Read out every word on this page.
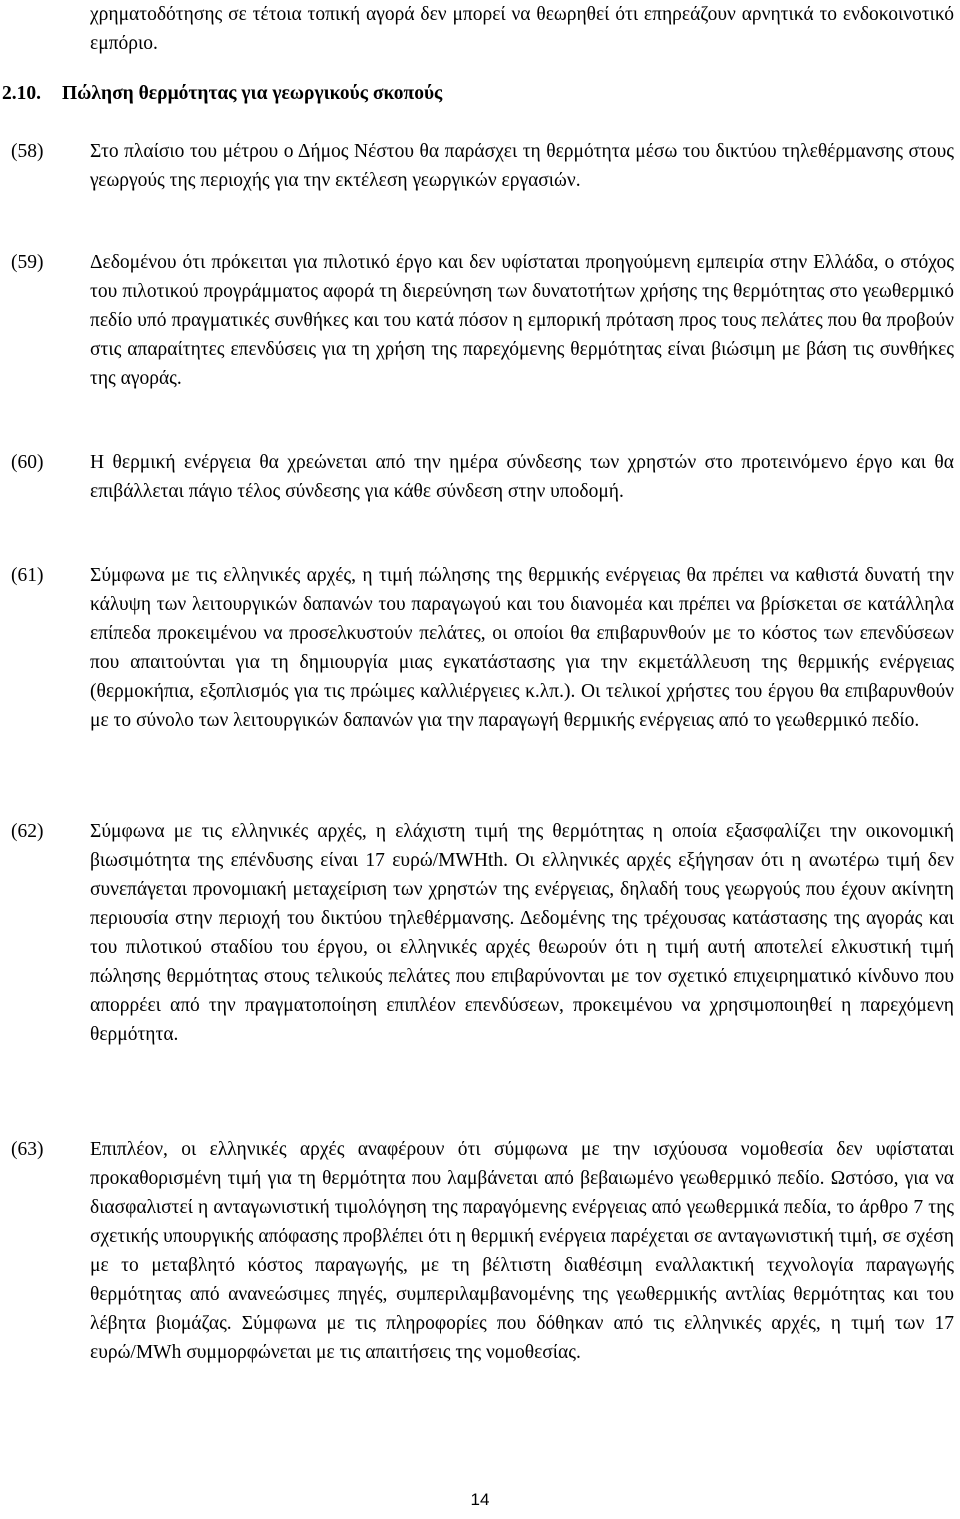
χρηματοδότησης σε τέτοια τοπική αγορά δεν μπορεί να θεωρηθεί ότι επηρεάζουν αρνητικά το ενδοκοινοτικό εμπόριο.
2.10. Πώληση θερμότητας για γεωργικούς σκοπούς
(58) Στο πλαίσιο του μέτρου ο Δήμος Νέστου θα παράσχει τη θερμότητα μέσω του δικτύου τηλεθέρμανσης στους γεωργούς της περιοχής για την εκτέλεση γεωργικών εργασιών.
(59) Δεδομένου ότι πρόκειται για πιλοτικό έργο και δεν υφίσταται προηγούμενη εμπειρία στην Ελλάδα, ο στόχος του πιλοτικού προγράμματος αφορά τη διερεύνηση των δυνατοτήτων χρήσης της θερμότητας στο γεωθερμικό πεδίο υπό πραγματικές συνθήκες και του κατά πόσον η εμπορική πρόταση προς τους πελάτες που θα προβούν στις απαραίτητες επενδύσεις για τη χρήση της παρεχόμενης θερμότητας είναι βιώσιμη με βάση τις συνθήκες της αγοράς.
(60) Η θερμική ενέργεια θα χρεώνεται από την ημέρα σύνδεσης των χρηστών στο προτεινόμενο έργο και θα επιβάλλεται πάγιο τέλος σύνδεσης για κάθε σύνδεση στην υποδομή.
(61) Σύμφωνα με τις ελληνικές αρχές, η τιμή πώλησης της θερμικής ενέργειας θα πρέπει να καθιστά δυνατή την κάλυψη των λειτουργικών δαπανών του παραγωγού και του διανομέα και πρέπει να βρίσκεται σε κατάλληλα επίπεδα προκειμένου να προσελκυστούν πελάτες, οι οποίοι θα επιβαρυνθούν με το κόστος των επενδύσεων που απαιτούνται για τη δημιουργία μιας εγκατάστασης για την εκμετάλλευση της θερμικής ενέργειας (θερμοκήπια, εξοπλισμός για τις πρώιμες καλλιέργειες κ.λπ.). Οι τελικοί χρήστες του έργου θα επιβαρυνθούν με το σύνολο των λειτουργικών δαπανών για την παραγωγή θερμικής ενέργειας από το γεωθερμικό πεδίο.
(62) Σύμφωνα με τις ελληνικές αρχές, η ελάχιστη τιμή της θερμότητας η οποία εξασφαλίζει την οικονομική βιωσιμότητα της επένδυσης είναι 17 ευρώ/MWHth. Οι ελληνικές αρχές εξήγησαν ότι η ανωτέρω τιμή δεν συνεπάγεται προνομιακή μεταχείριση των χρηστών της ενέργειας, δηλαδή τους γεωργούς που έχουν ακίνητη περιουσία στην περιοχή του δικτύου τηλεθέρμανσης. Δεδομένης της τρέχουσας κατάστασης της αγοράς και του πιλοτικού σταδίου του έργου, οι ελληνικές αρχές θεωρούν ότι η τιμή αυτή αποτελεί ελκυστική τιμή πώλησης θερμότητας στους τελικούς πελάτες που επιβαρύνονται με τον σχετικό επιχειρηματικό κίνδυνο που απορρέει από την πραγματοποίηση επιπλέον επενδύσεων, προκειμένου να χρησιμοποιηθεί η παρεχόμενη θερμότητα.
(63) Επιπλέον, οι ελληνικές αρχές αναφέρουν ότι σύμφωνα με την ισχύουσα νομοθεσία δεν υφίσταται προκαθορισμένη τιμή για τη θερμότητα που λαμβάνεται από βεβαιωμένο γεωθερμικό πεδίο. Ωστόσο, για να διασφαλιστεί η ανταγωνιστική τιμολόγηση της παραγόμενης ενέργειας από γεωθερμικά πεδία, το άρθρο 7 της σχετικής υπουργικής απόφασης προβλέπει ότι η θερμική ενέργεια παρέχεται σε ανταγωνιστική τιμή, σε σχέση με το μεταβλητό κόστος παραγωγής, με τη βέλτιστη διαθέσιμη εναλλακτική τεχνολογία παραγωγής θερμότητας από ανανεώσιμες πηγές, συμπεριλαμβανομένης της γεωθερμικής αντλίας θερμότητας και του λέβητα βιομάζας. Σύμφωνα με τις πληροφορίες που δόθηκαν από τις ελληνικές αρχές, η τιμή των 17 ευρώ/MWh συμμορφώνεται με τις απαιτήσεις της νομοθεσίας.
14
